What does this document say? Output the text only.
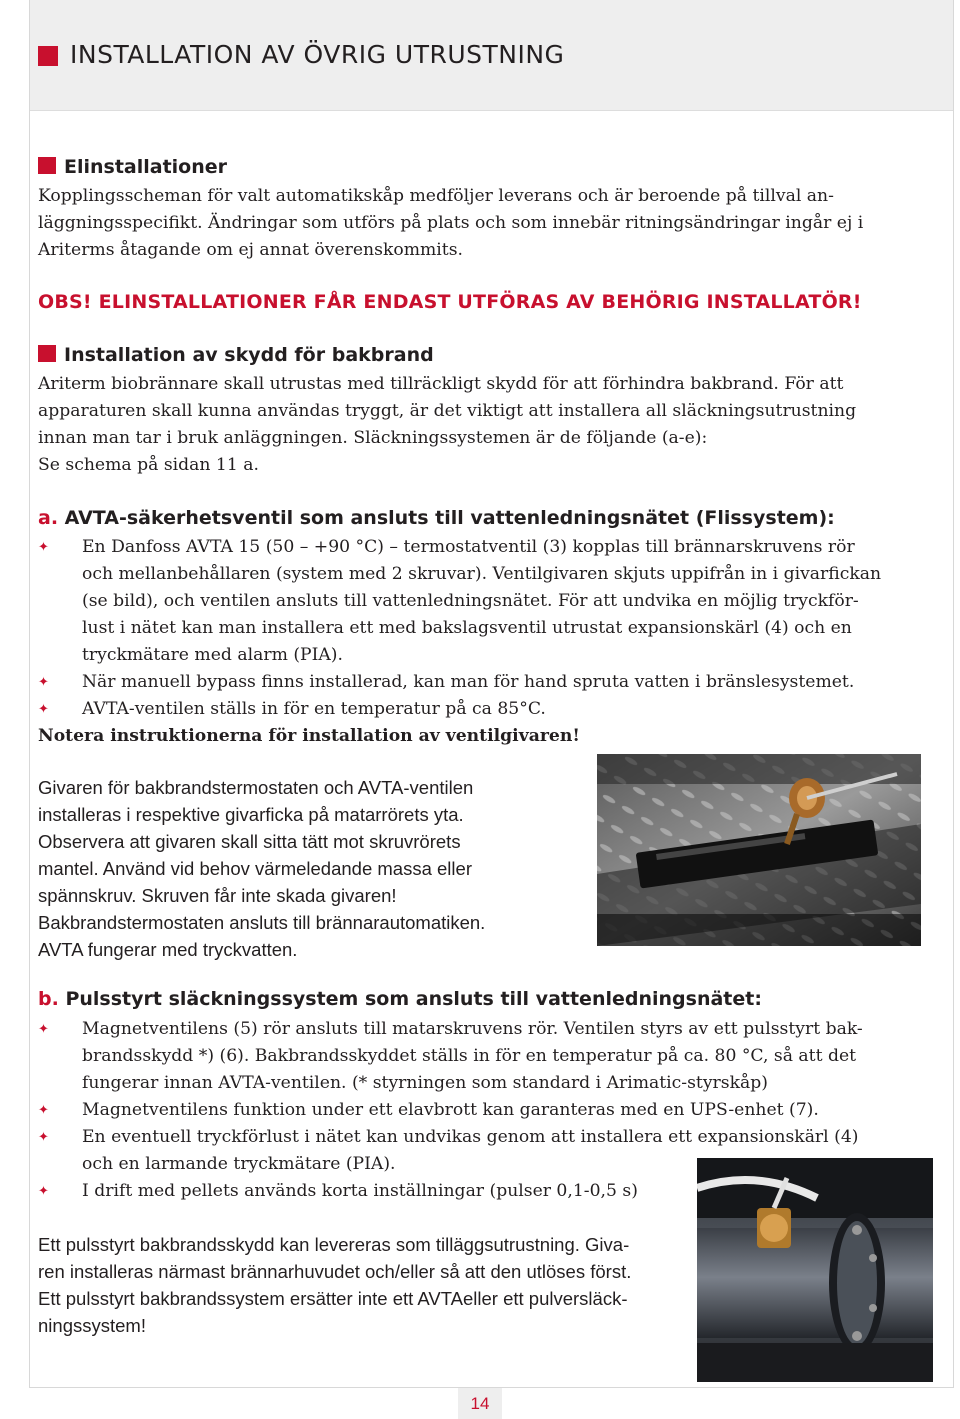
INSTALLATION AV ÖVRIG UTRUSTNING
Elinstallationer
Kopplingsscheman för valt automatikskåp medföljer leverans och är beroende på tillval an-
läggningsspecifikt. Ändringar som utförs på plats och som innebär ritningsändringar ingår ej i
Ariterms åtagande om ej annat överenskommits.
OBS! ELINSTALLATIONER FÅR ENDAST UTFÖRAS AV BEHÖRIG INSTALLATÖR!
Installation av skydd för bakbrand
Ariterm biobrännare skall utrustas med tillräckligt skydd för att förhindra bakbrand. För att
apparaturen skall kunna användas tryggt, är det viktigt att installera all släckningsutrustning
innan man tar i bruk anläggningen. Släckningssystemen är de följande (a-e):
Se schema på sidan 11 a.
a. AVTA-säkerhetsventil som ansluts till vattenledningsnätet (Flissystem):
✦ En Danfoss AVTA 15 (50 – +90 °C) – termostatventil (3) kopplas till brännarskruvens rör
och mellanbehållaren (system med 2 skruvar). Ventilgivaren skjuts uppifrån in i givarfickan
(se bild), och ventilen ansluts till vattenledningsnätet. För att undvika en möjlig tryckför-
lust i nätet kan man installera ett med bakslagsventil utrustat expansionskärl (4) och en
tryckmätare med alarm (PIA).
✦ När manuell bypass finns installerad, kan man för hand spruta vatten i bränslesystemet.
✦ AVTA-ventilen ställs in för en temperatur på ca 85°C.
Notera instruktionerna för installation av ventilgivaren!
Givaren för bakbrandstermostaten och AVTA-ventilen
installeras i respektive givarficka på matarrörets yta.
Observera att givaren skall sitta tätt mot skruvrörets
mantel. Använd vid behov värmeledande massa eller
spännskruv. Skruven får inte skada givaren!
Bakbrandstermostaten ansluts till brännarautomatiken.
AVTA fungerar med tryckvatten.
b. Pulsstyrt släckningssystem som ansluts till vattenledningsnätet:
✦ Magnetventilens (5) rör ansluts till matarskruvens rör. Ventilen styrs av ett pulsstyrt bak-
brandsskydd *) (6). Bakbrandsskyddet ställs in för en temperatur på ca. 80 °C, så att det
fungerar innan AVTA-ventilen. (* styrningen som standard i Arimatic-styrskåp)
✦ Magnetventilens funktion under ett elavbrott kan garanteras med en UPS-enhet (7).
✦ En eventuell tryckförlust i nätet kan undvikas genom att installera ett expansionskärl (4)
och en larmande tryckmätare (PIA).
✦ I drift med pellets används korta inställningar (pulser 0,1-0,5 s)
Ett pulsstyrt bakbrandsskydd kan levereras som tilläggsutrustning. Giva-
ren installeras närmast brännarhuvudet och/eller så att den utlöses först.
Ett pulsstyrt bakbrandssystem ersätter inte ett AVTAeller ett pulversläck-
ningssystem!
14
